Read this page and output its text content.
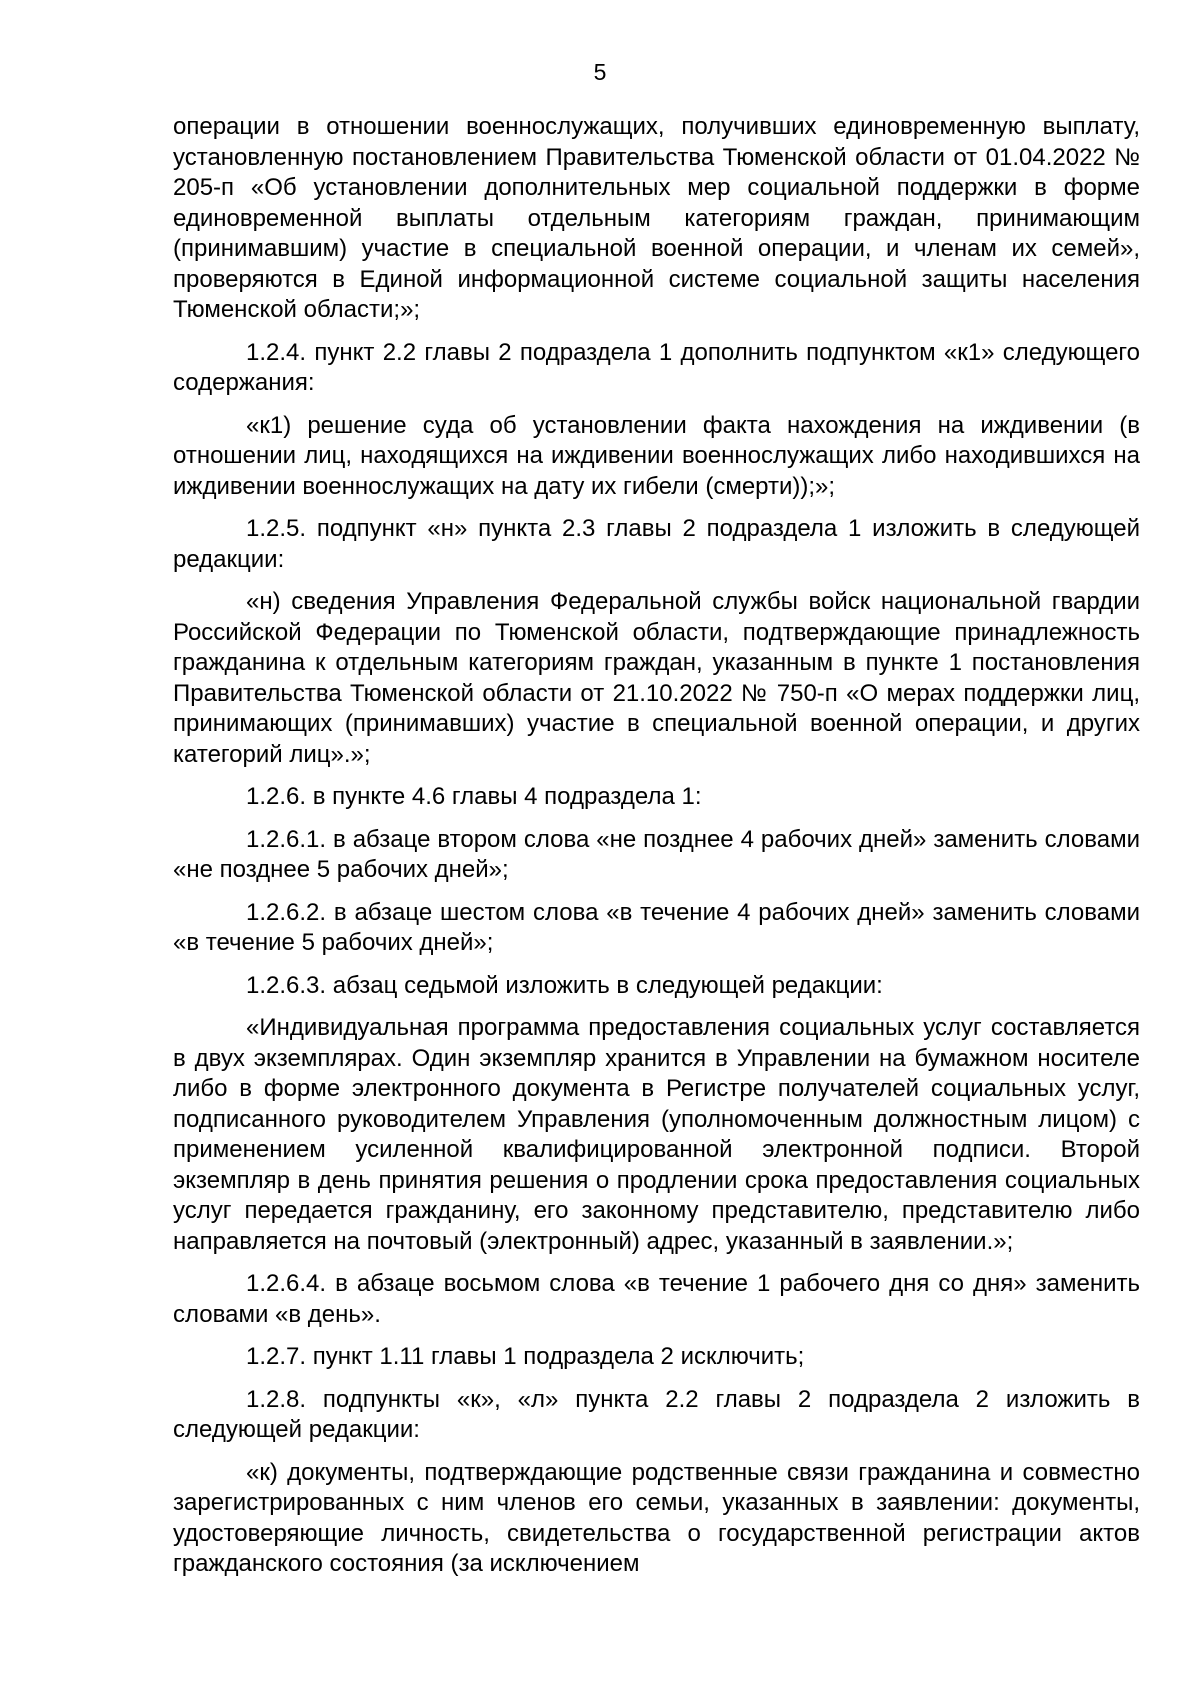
5

операции в отношении военнослужащих, получивших единовременную выплату, установленную постановлением Правительства Тюменской области от 01.04.2022 № 205-п «Об установлении дополнительных мер социальной поддержки в форме единовременной выплаты отдельным категориям граждан, принимающим (принимавшим) участие в специальной военной операции, и членам их семей», проверяются в Единой информационной системе социальной защиты населения Тюменской области;»;

1.2.4. пункт 2.2 главы 2 подраздела 1 дополнить подпунктом «к1» следующего содержания:

«к1) решение суда об установлении факта нахождения на иждивении (в отношении лиц, находящихся на иждивении военнослужащих либо находившихся на иждивении военнослужащих на дату их гибели (смерти));»;

1.2.5. подпункт «н» пункта 2.3 главы 2 подраздела 1 изложить в следующей редакции:

«н) сведения Управления Федеральной службы войск национальной гвардии Российской Федерации по Тюменской области, подтверждающие принадлежность гражданина к отдельным категориям граждан, указанным в пункте 1 постановления Правительства Тюменской области от 21.10.2022 № 750-п «О мерах поддержки лиц, принимающих (принимавших) участие в специальной военной операции, и других категорий лиц».»;

1.2.6. в пункте 4.6 главы 4 подраздела 1:

1.2.6.1. в абзаце втором слова «не позднее 4 рабочих дней» заменить словами «не позднее 5 рабочих дней»;

1.2.6.2. в абзаце шестом слова «в течение 4 рабочих дней» заменить словами «в течение 5 рабочих дней»;

1.2.6.3. абзац седьмой изложить в следующей редакции:

«Индивидуальная программа предоставления социальных услуг составляется в двух экземплярах. Один экземпляр хранится в Управлении на бумажном носителе либо в форме электронного документа в Регистре получателей социальных услуг, подписанного руководителем Управления (уполномоченным должностным лицом) с применением усиленной квалифицированной электронной подписи. Второй экземпляр в день принятия решения о продлении срока предоставления социальных услуг передается гражданину, его законному представителю, представителю либо направляется на почтовый (электронный) адрес, указанный в заявлении.»;

1.2.6.4. в абзаце восьмом слова «в течение 1 рабочего дня со дня» заменить словами «в день».

1.2.7. пункт 1.11 главы 1 подраздела 2 исключить;

1.2.8. подпункты «к», «л» пункта 2.2 главы 2 подраздела 2 изложить в следующей редакции:

«к) документы, подтверждающие родственные связи гражданина и совместно зарегистрированных с ним членов его семьи, указанных в заявлении: документы, удостоверяющие личность, свидетельства о государственной регистрации актов гражданского состояния (за исключением
